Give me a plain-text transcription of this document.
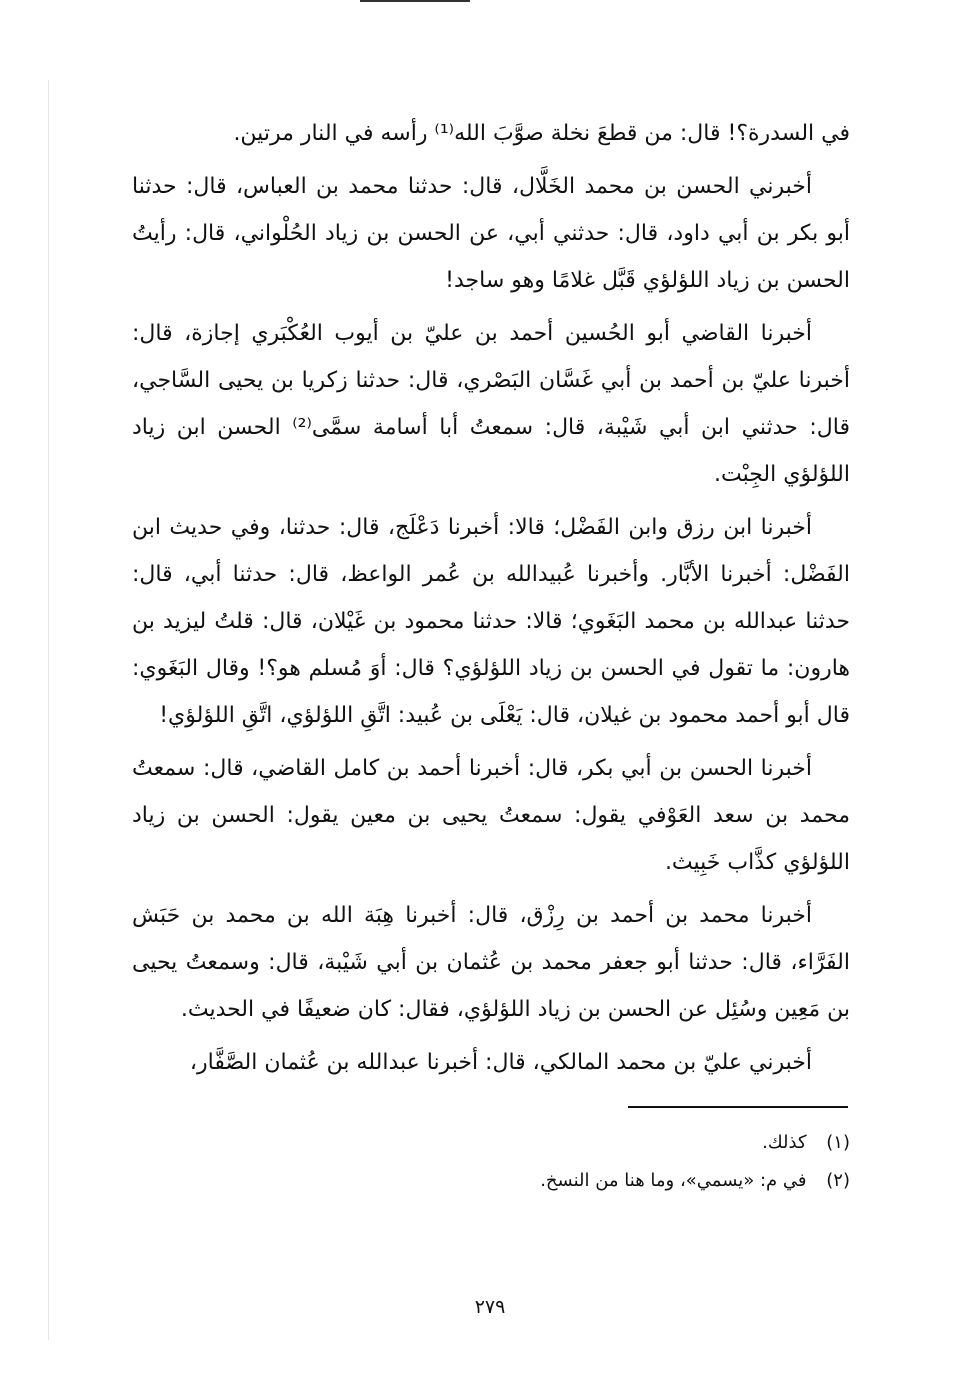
في السدرة؟! قال: من قطعَ نخلة صوَّبَ الله⁽¹⁾ رأسه في النار مرتين.

أخبرني الحسن بن محمد الخَلَّال، قال: حدثنا محمد بن العباس، قال: حدثنا أبو بكر بن أبي داود، قال: حدثني أبي، عن الحسن بن زياد الحُلْواني، قال: رأيتُ الحسن بن زياد اللؤلؤي قَبَّل غلامًا وهو ساجد!

أخبرنا القاضي أبو الحُسين أحمد بن عليّ بن أيوب العُكْبَري إجازة، قال: أخبرنا عليّ بن أحمد بن أبي غَسَّان البَصْري، قال: حدثنا زكريا بن يحيى السَّاجي، قال: حدثني ابن أبي شَيْبة، قال: سمعتُ أبا أسامة سمَّى⁽²⁾ الحسن ابن زياد اللؤلؤي الجِبْت.

أخبرنا ابن رزق وابن الفَضْل؛ قالا: أخبرنا دَعْلَج، قال: حدثنا، وفي حديث ابن الفَضْل: أخبرنا الأبَّار. وأخبرنا عُبيدالله بن عُمر الواعظ، قال: حدثنا أبي، قال: حدثنا عبدالله بن محمد البَغَوي؛ قالا: حدثنا محمود بن غَيْلان، قال: قلتُ ليزيد بن هارون: ما تقول في الحسن بن زياد اللؤلؤي؟ قال: أوَ مُسلم هو؟! وقال البَغَوي: قال أبو أحمد محمود بن غيلان، قال: يَعْلَى بن عُبيد: اتَّقِ اللؤلؤي، اتَّقِ اللؤلؤي!

أخبرنا الحسن بن أبي بكر، قال: أخبرنا أحمد بن كامل القاضي، قال: سمعتُ محمد بن سعد العَوْفي يقول: سمعتُ يحيى بن معين يقول: الحسن بن زياد اللؤلؤي كذَّاب خَبِيث.

أخبرنا محمد بن أحمد بن رِزْق، قال: أخبرنا هِبَة الله بن محمد بن حَبَش الفَرَّاء، قال: حدثنا أبو جعفر محمد بن عُثمان بن أبي شَيْبة، قال: وسمعتُ يحيى بن مَعِين وسُئِل عن الحسن بن زياد اللؤلؤي، فقال: كان ضعيفًا في الحديث.

أخبرني عليّ بن محمد المالكي، قال: أخبرنا عبدالله بن عُثمان الصَّفَّار،

(١) كذلك.
(٢) في م: «يسمي»، وما هنا من النسخ.
٢٧٩
